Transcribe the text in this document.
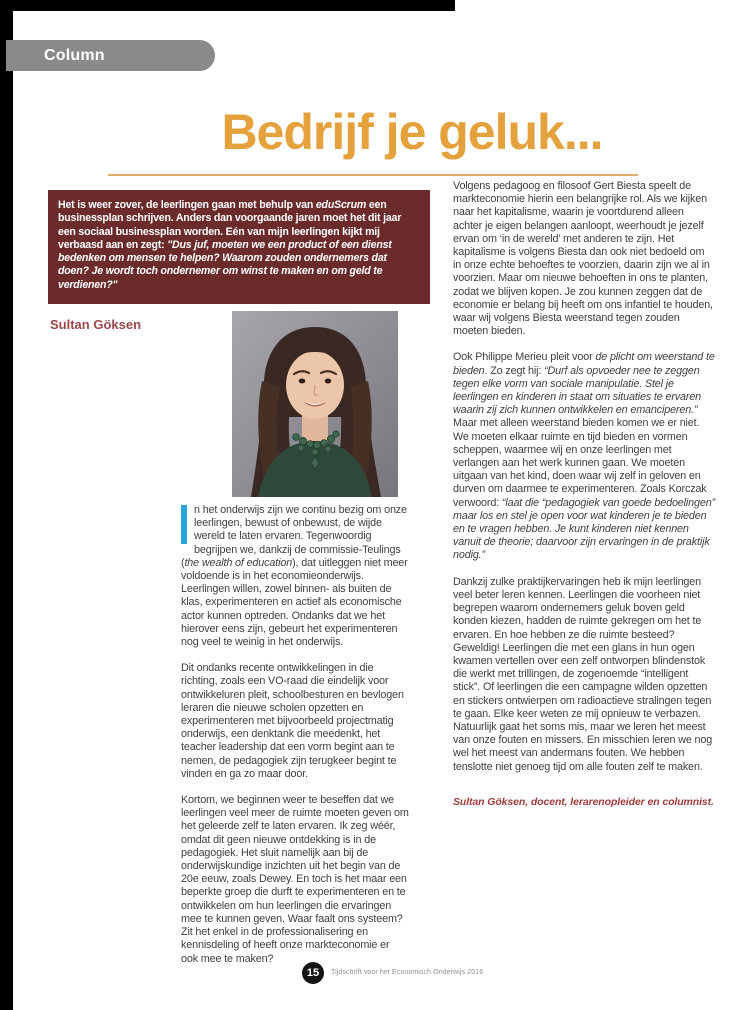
Column
Bedrijf je geluk...
Het is weer zover, de leerlingen gaan met behulp van eduScrum een businessplan schrijven. Anders dan voorgaande jaren moet het dit jaar een sociaal businessplan worden. Eén van mijn leerlingen kijkt mij verbaasd aan en zegt: "Dus juf, moeten we een product of een dienst bedenken om mensen te helpen? Waarom zouden ondernemers dat doen? Je wordt toch ondernemer om winst te maken en om geld te verdienen?"
Sultan Göksen

n het onderwijs zijn we continu bezig om onze leerlingen, bewust of onbewust, de wijde wereld te laten ervaren. Tegenwoordig begrijpen we, dankzij de commissie-Teulings (the wealth of education), dat uitleggen niet meer voldoende is in het economieonderwijs. Leerlingen willen, zowel binnen- als buiten de klas, experimenteren en actief als economische actor kunnen optreden. Ondanks dat we het hierover eens zijn, gebeurt het experimenteren nog veel te weinig in het onderwijs.

Dit ondanks recente ontwikkelingen in die richting, zoals een VO-raad die eindelijk voor ontwikkeluren pleit, schoolbesturen en bevlogen leraren die nieuwe scholen opzetten en experimenteren met bijvoorbeeld projectmatig onderwijs, een denktank die meedenkt, het teacher leadership dat een vorm begint aan te nemen, de pedagogiek zijn terugkeer begint te vinden en ga zo maar door.

Kortom, we beginnen weer te beseffen dat we leerlingen veel meer de ruimte moeten geven om het geleerde zelf te laten ervaren. Ik zeg wéér, omdat dit geen nieuwe ontdekking is in de pedagogiek. Het sluit namelijk aan bij de onderwijskundige inzichten uit het begin van de 20e eeuw, zoals Dewey. En toch is het maar een beperkte groep die durft te experimenteren en te ontwikkelen om hun leerlingen die ervaringen mee te kunnen geven. Waar faalt ons systeem? Zit het enkel in de professionalisering en kennisdeling of heeft onze markteconomie er ook mee te maken?

Volgens pedagoog en filosoof Gert Biesta speelt de markteconomie hierin een belangrijke rol. Als we kijken naar het kapitalisme, waarin je voortdurend alleen achter je eigen belangen aanloopt, weerhoudt je jezelf ervan om ‘in de wereld’ met anderen te zijn. Het kapitalisme is volgens Biesta dan ook niet bedoeld om in onze echte behoeftes te voorzien, daarin zijn we al in voorzien. Maar om nieuwe behoeften in ons te planten, zodat we blijven kopen. Je zou kunnen zeggen dat de economie er belang bij heeft om ons infantiel te houden, waar wij volgens Biesta weerstand tegen zouden moeten bieden.

Ook Philippe Merieu pleit voor de plicht om weerstand te bieden. Zo zegt hij: “Durf als opvoeder nee te zeggen tegen elke vorm van sociale manipulatie. Stel je leerlingen en kinderen in staat om situaties te ervaren waarin zij zich kunnen ontwikkelen en emanciperen.” Maar met alleen weerstand bieden komen we er niet. We moeten elkaar ruimte en tijd bieden en vormen scheppen, waarmee wij en onze leerlingen met verlangen aan het werk kunnen gaan. We moeten uitgaan van het kind, doen waar wij zelf in geloven en durven om daarmee te experimenteren. Zoals Korczak verwoord: “laat die “pedagogiek van goede bedoelingen” maar los en stel je open voor wat kinderen je te bieden en te vragen hebben. Je kunt kinderen niet kennen vanuit de theorie; daarvoor zijn ervaringen in de praktijk nodig.”

Dankzij zulke praktijkervaringen heb ik mijn leerlingen veel beter leren kennen. Leerlingen die voorheen niet begrepen waarom ondernemers geluk boven geld konden kiezen, hadden de ruimte gekregen om het te ervaren. En hoe hebben ze die ruimte besteed? Geweldig! Leerlingen die met een glans in hun ogen kwamen vertellen over een zelf ontworpen blindenstok die werkt met trillingen, de zogenoemde “intelligent stick”. Of leerlingen die een campagne wilden opzetten en stickers ontwierpen om radioactieve stralingen tegen te gaan. Elke keer weten ze mij opnieuw te verbazen. Natuurlijk gaat het soms mis, maar we leren het meest van onze fouten en missers. En misschien leren we nog wel het meest van andermans fouten. We hebben tenslotte niet genoeg tijd om alle fouten zelf te maken.

Sultan Göksen, docent, lerarenopleider en columnist.
15	Tijdschrift voor het Economisch Onderwijs 2016
